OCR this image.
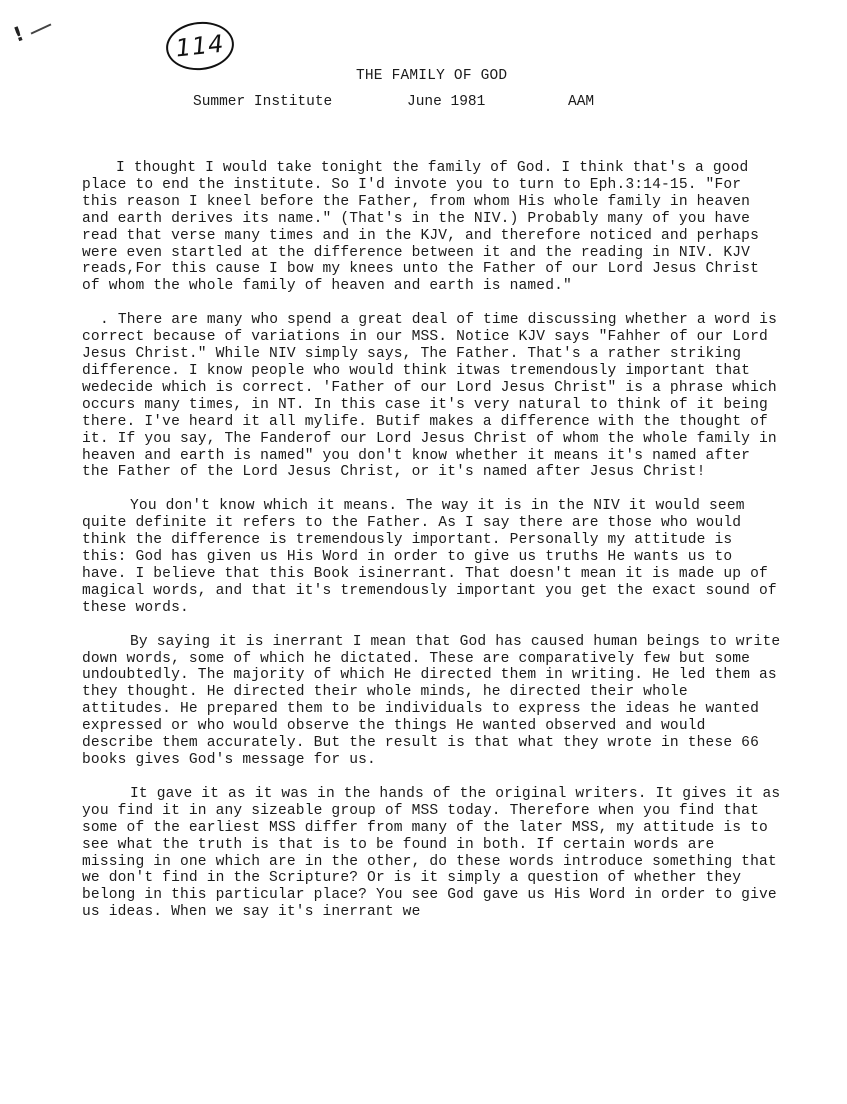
!	114
THE FAMILY OF GOD
Summer Institute	June 1981	AAM

I thought I would take tonight the family of God. I think that's a good place to end the institute. So I'd invote you to turn to Eph.3:14-15. "For this reason I kneel before the Father, from whom His whole family in heaven and earth derives its name." (That's in the NIV.) Probably many of you have read that verse many times and in the KJV, and therefore noticed and perhaps were even startled at the difference between it and the reading in NIV. KJV reads,For this cause I bow my knees unto the Father of our Lord Jesus Christ of whom the whole family of heaven and earth is named."

. There are many who spend a great deal of time discussing whether a word is correct because of variations in our MSS. Notice KJV says "Fahher of our Lord Jesus Christ." While NIV simply says, The Father. That's a rather striking difference. I know people who would think itwas tremendously important that wedecide which is correct. 'Father of our Lord Jesus Christ" is a phrase which occurs many times, in NT. In this case it's very natural to think of it being there. I've heard it all mylife. Butif makes a difference with the thought of it. If you say, The Fanderof our Lord Jesus Christ of whom the whole family in heaven and earth is named" you don't know whether it means it's named after the Father of the Lord Jesus Christ, or it's named after Jesus Christ!

You don't know which it means. The way it is in the NIV it would seem quite definite it refers to the Father. As I say there are those who would think the difference is tremendously important. Personally my attitude is this: God has given us His Word in order to give us truths He wants us to have. I believe that this Book isinerrant. That doesn't mean it is made up of magical words, and that it's tremendously important you get the exact sound of these words.

By saying it is inerrant I mean that God has caused human beings to write down words, some of which he dictated. These are comparatively few but some undoubtedly. The majority of which He directed them in writing. He led them as they thought. He directed their whole minds, he directed their whole attitudes. He prepared them to be individuals to express the ideas he wanted expressed or who would observe the things He wanted observed and would describe them accurately. But the result is that what they wrote in these 66 books gives God's message for us.

It gave it as it was in the hands of the original writers. It gives it as you find it in any sizeable group of MSS today. Therefore when you find that some of the earliest MSS differ from many of the later MSS, my attitude is to see what the truth is that is to be found in both. If certain words are missing in one which are in the other, do these words introduce something that we don't find in the Scripture? Or is it simply a question of whether they belong in this particular place? You see God gave us His Word in order to give us ideas. When we say it's inerrant we
